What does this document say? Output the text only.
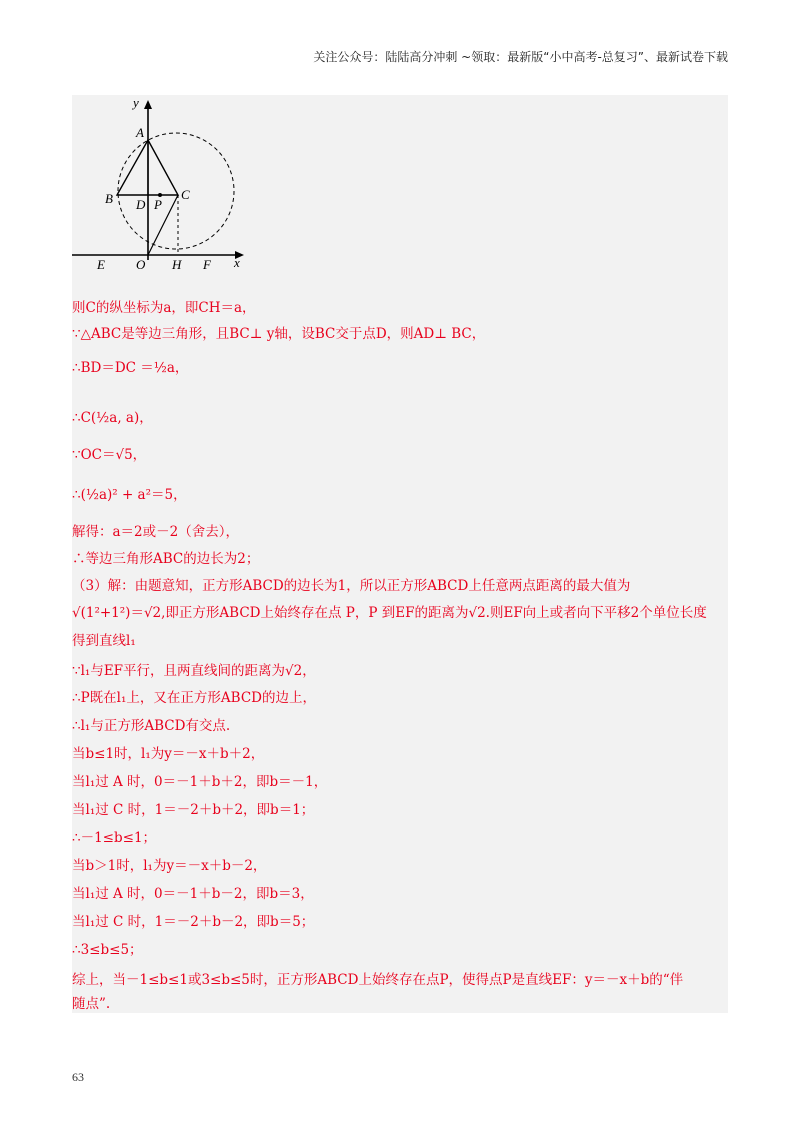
关注公众号：陆陆高分冲刺 ~领取：最新版“小中高考-总复习”、最新试卷下载
y
A
B	C
D P
O H
E	F x
则C的纵坐标为a，即CH＝a，
∵△ABC是等边三角形，且BC⊥ y轴，设BC交于点D，则AD⊥ BC，
∴BD＝DC ＝½a，
∴C(½a, a)，
∵OC＝√5，
∴(½a)² + a²＝5，
解得：a＝2或－2（舍去），
∴等边三角形ABC的边长为2；
（3）解：由题意知，正方形ABCD的边长为1，所以正方形ABCD上任意两点距离的最大值为
√(1²+1²)＝√2,即正方形ABCD上始终存在点 P，P 到EF的距离为√2.则EF向上或者向下平移2个单位长度
得到直线l₁
∵l₁与EF平行，且两直线间的距离为√2，
∴P既在l₁上，又在正方形ABCD的边上，
∴l₁与正方形ABCD有交点.
当b≤1时，l₁为y＝－x＋b＋2，
当l₁过 A 时，0＝－1＋b＋2，即b＝－1，
当l₁过 C 时，1＝－2＋b＋2，即b＝1；
∴－1≤b≤1；
当b＞1时，l₁为y＝－x＋b－2，
当l₁过 A 时，0＝－1＋b－2，即b＝3，
当l₁过 C 时，1＝－2＋b－2，即b＝5；
∴3≤b≤5；
综上，当－1≤b≤1或3≤b≤5时，正方形ABCD上始终存在点P，使得点P是直线EF：y＝－x＋b的“伴
随点”.
63
